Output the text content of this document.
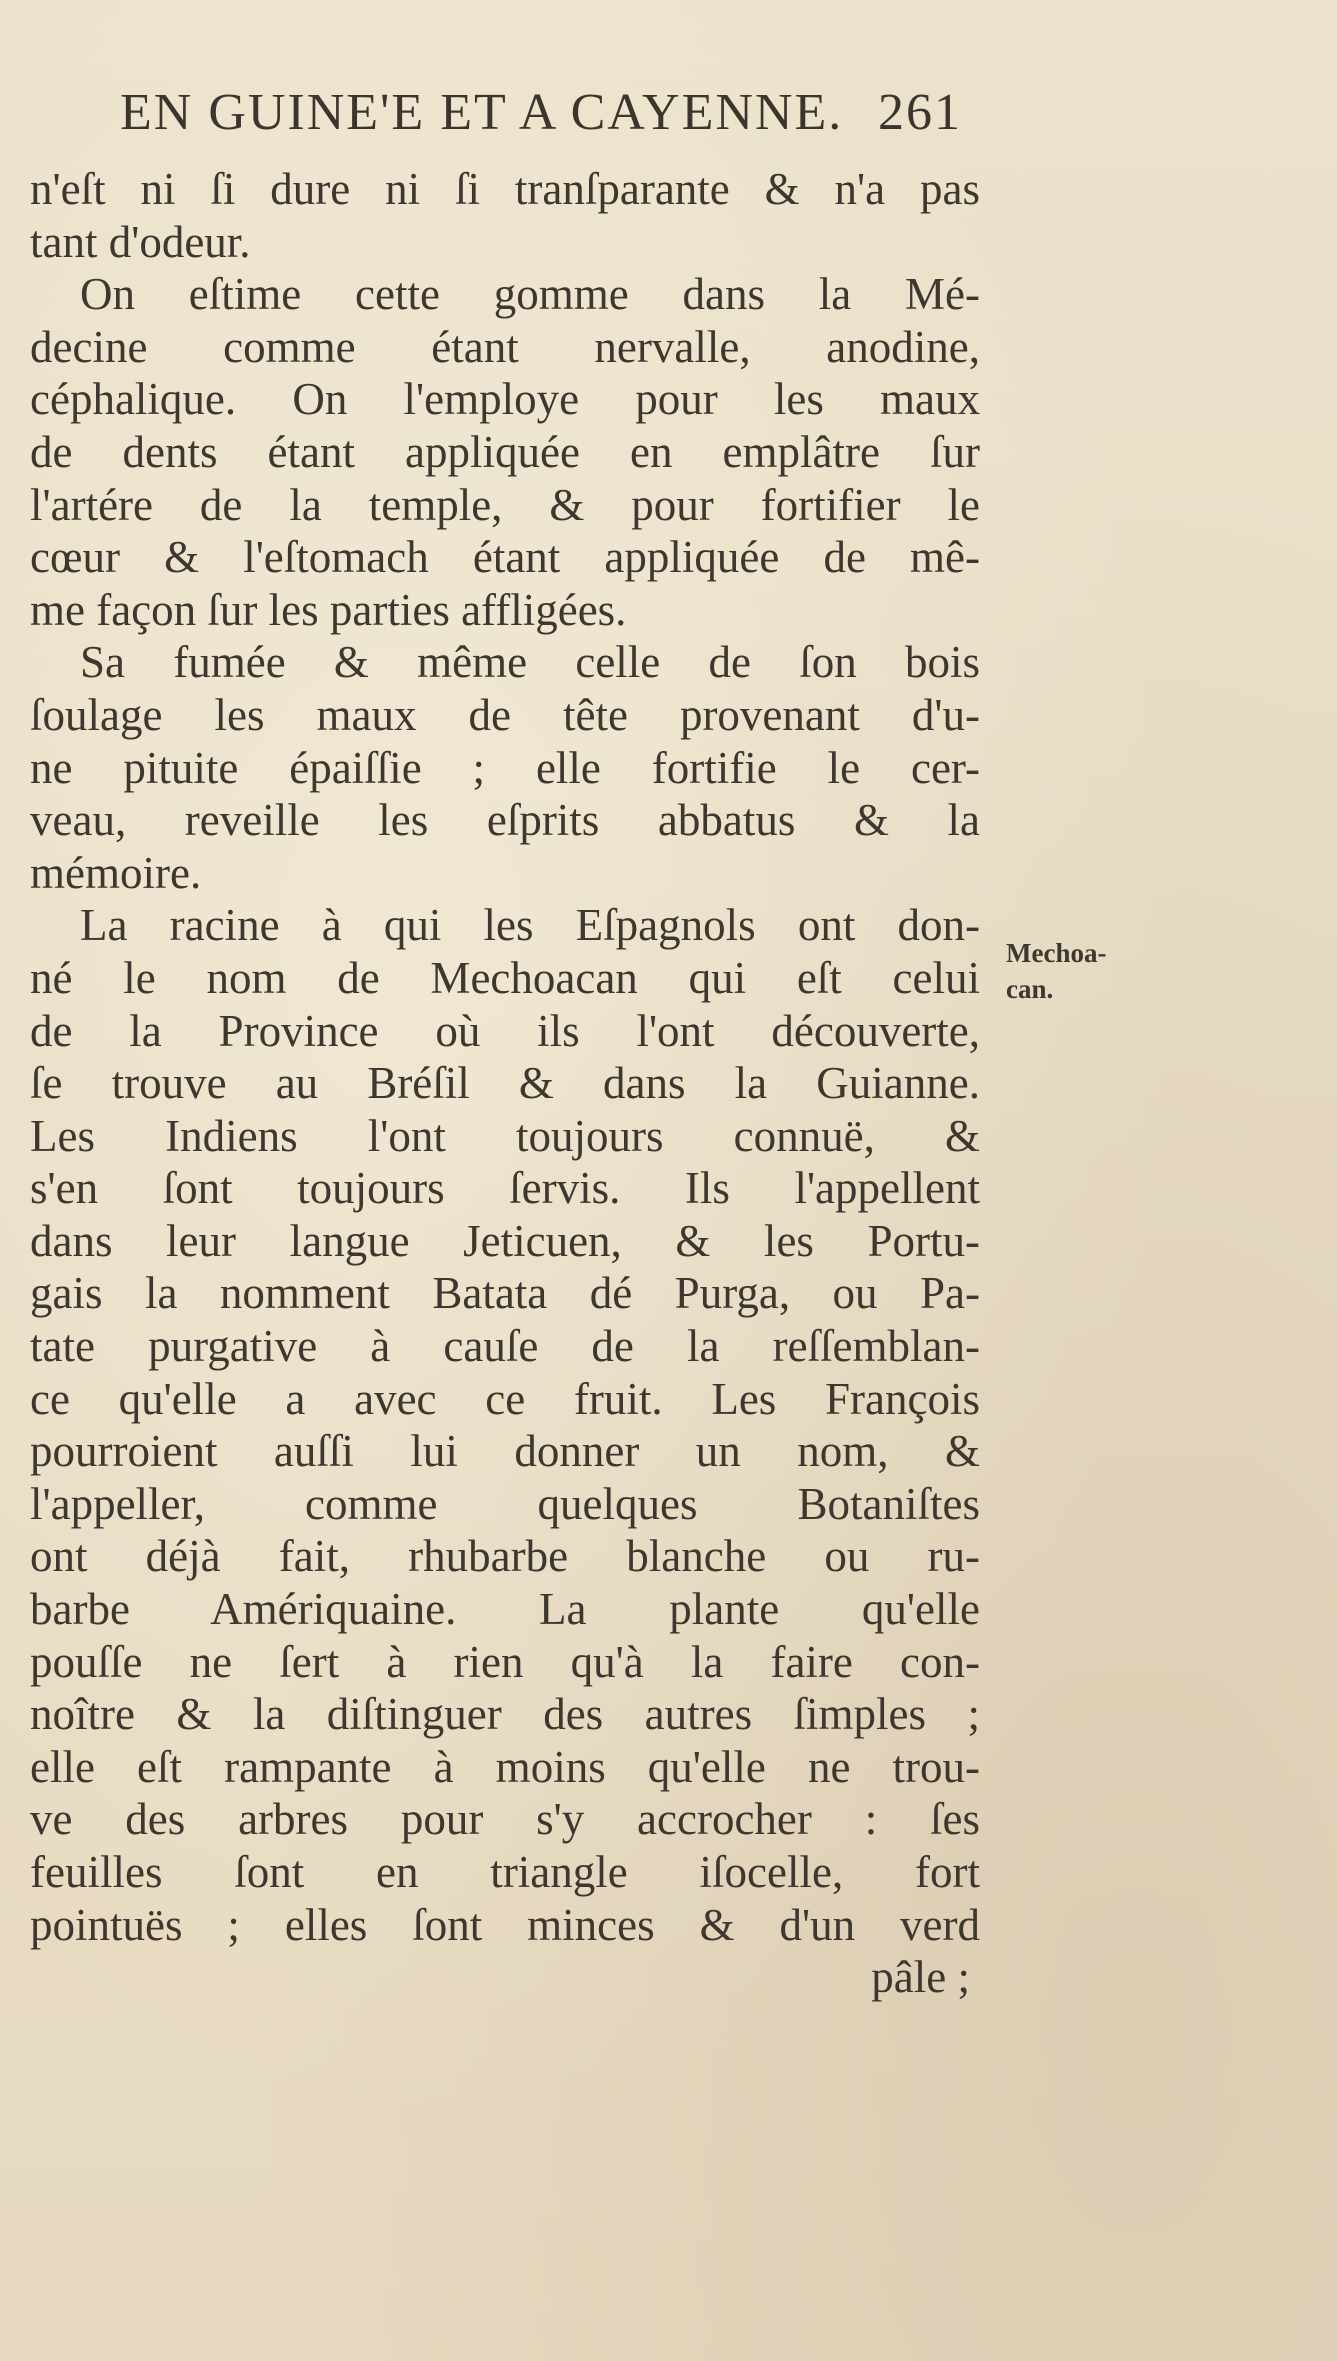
EN GUINE'E ET A CAYENNE. 261
n'eſt ni ſi dure ni ſi tranſparante & n'a pas
tant d'odeur.
On eſtime cette gomme dans la Mé-
decine comme étant nervalle, anodine,
céphalique. On l'employe pour les maux
de dents étant appliquée en emplâtre ſur
l'artére de la temple, & pour fortifier le
cœur & l'eſtomach étant appliquée de mê-
me façon ſur les parties affligées.
Sa fumée & même celle de ſon bois
ſoulage les maux de tête provenant d'u-
ne pituite épaiſſie ; elle fortifie le cer-
veau, reveille les eſprits abbatus & la
mémoire.
La racine à qui les Eſpagnols ont don-
né le nom de Mechoacan qui eſt celui
de la Province où ils l'ont découverte,
ſe trouve au Bréſil & dans la Guianne.
Les Indiens l'ont toujours connuë, &
s'en ſont toujours ſervis. Ils l'appellent
dans leur langue Jeticuen, & les Portu-
gais la nomment Batata dé Purga, ou Pa-
tate purgative à cauſe de la reſſemblan-
ce qu'elle a avec ce fruit. Les François
pourroient auſſi lui donner un nom, &
l'appeller, comme quelques Botaniſtes
ont déjà fait, rhubarbe blanche ou ru-
barbe Amériquaine. La plante qu'elle
pouſſe ne ſert à rien qu'à la faire con-
noître & la diſtinguer des autres ſimples ;
elle eſt rampante à moins qu'elle ne trou-
ve des arbres pour s'y accrocher : ſes
feuilles ſont en triangle iſocelle, fort
pointuës ; elles ſont minces & d'un verd
pâle ;
Mechoa-
can.
